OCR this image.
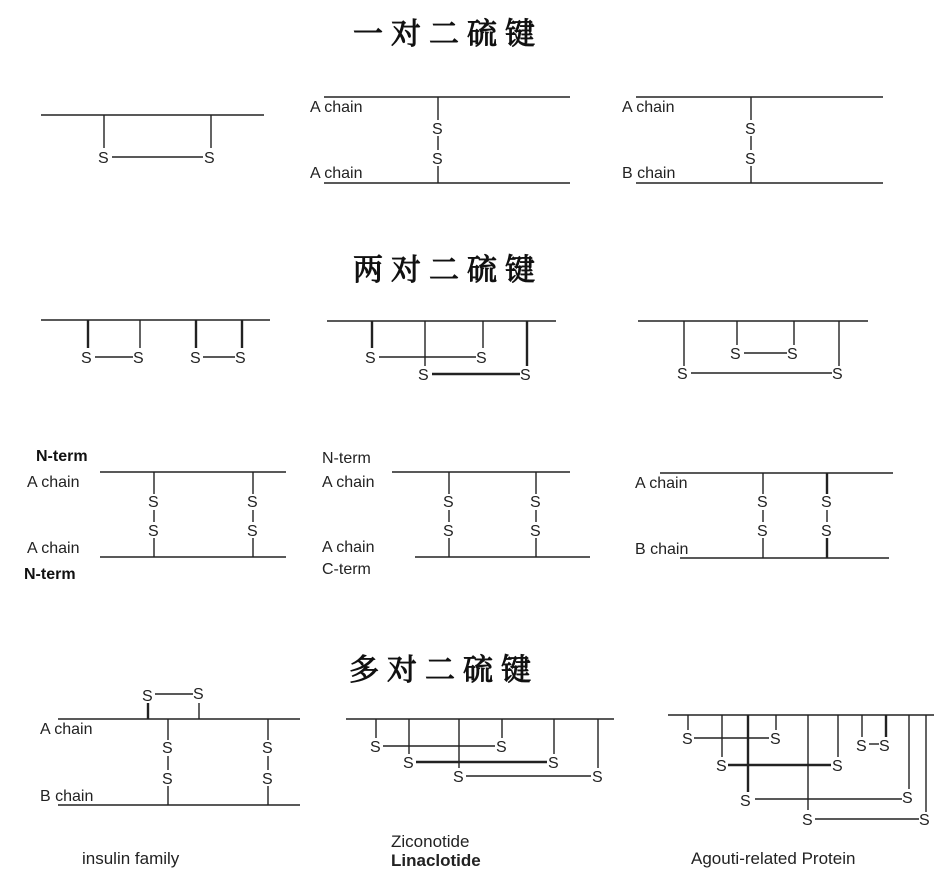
一对二硫键
两对二硫键
多对二硫键
S	S
S
S
A chain
A chain
S
S
A chain
B chain
S	S	S S	S	S
S	S
S	S
S	S
S
S
S
S
N-term
A chain
A chain
N-term
S
S
S
S
N-term
A chain
A chain
C-term
S
S
S
S
A chain
B chain
S	S
S
S
S
S
A chain
B chain
S	S
S	S
S	S
S	S	S S
S	S
S	S
S	S
insulin family
Ziconotide
Linaclotide	Agouti-related Protein
